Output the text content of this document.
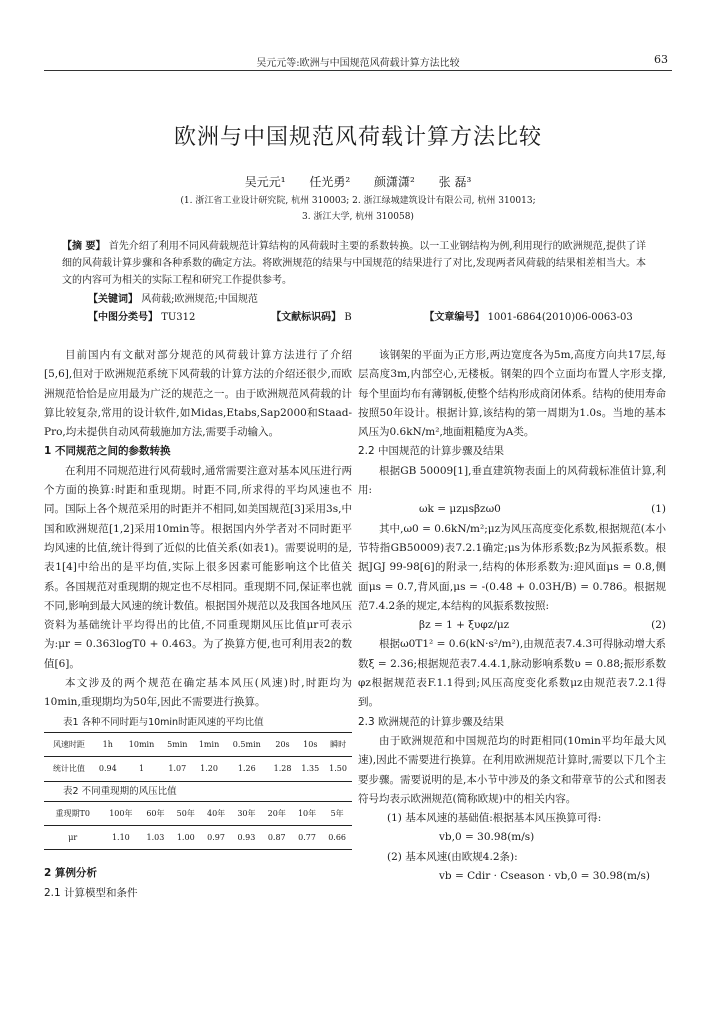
吴元元等:欧洲与中国规范风荷载计算方法比较	63
欧洲与中国规范风荷载计算方法比较
吴元元¹ 任光勇² 颜潇潇² 张 磊³
(1. 浙江省工业设计研究院, 杭州 310003; 2. 浙江绿城建筑设计有限公司, 杭州 310013;
3. 浙江大学, 杭州 310058)
【摘 要】 首先介绍了利用不同风荷载规范计算结构的风荷载时主要的系数转换。以一工业钢结构为例,利用现行的欧洲规范,提供了详细的风荷载计算步骤和各种系数的确定方法。将欧洲规范的结果与中国规范的结果进行了对比,发现两者风荷载的结果相差相当大。本文的内容可为相关的实际工程和研究工作提供参考。
【关键词】 风荷载;欧洲规范;中国规范
【中图分类号】 TU312	【文献标识码】 B	【文章编号】 1001-6864(2010)06-0063-03

目前国内有文献对部分规范的风荷载计算方法进行了介绍[5,6],但对于欧洲规范系统下风荷载的计算方法的介绍还很少,而欧洲规范恰恰是应用最为广泛的规范之一。由于欧洲规范风荷载的计算比较复杂,常用的设计软件,如Midas,Etabs,Sap2000和Staad-Pro,均未提供自动风荷载施加方法,需要手动输入。

1 不同规范之间的参数转换

在利用不同规范进行风荷载时,通常需要注意对基本风压进行两个方面的换算:时距和重现期。时距不同,所求得的平均风速也不同。国际上各个规范采用的时距并不相同,如美国规范[3]采用3s,中国和欧洲规范[1,2]采用10min等。根据国内外学者对不同时距平均风速的比值,统计得到了近似的比值关系(如表1)。需要说明的是,表1[4]中给出的是平均值,实际上很多因素可能影响这个比值关系。各国规范对重现期的规定也不尽相同。重现期不同,保证率也就不同,影响到最大风速的统计数值。根据国外规范以及我国各地风压资料为基础统计平均得出的比值,不同重现期风压比值μr可表示为:μr = 0.363logT0 + 0.463。为了换算方便,也可利用表2的数值[6]。

本文涉及的两个规范在确定基本风压(风速)时,时距均为10min,重现期均为50年,因此不需要进行换算。

表1 各种不同时距与10min时距风速的平均比值

风速时距	1h	10min	5min	1min	0.5min	20s	10s	瞬时
统计比值	0.94	1	1.07	1.20	1.26	1.28	1.35	1.50

表2 不同重现期的风压比值

重现期T0	100年	60年	50年	40年	30年	20年	10年	5年
μr	1.10	1.03	1.00	0.97	0.93	0.87	0.77	0.66

2 算例分析

2.1 计算模型和条件

该钢架的平面为正方形,两边宽度各为5m,高度方向共17层,每层高度3m,内部空心,无楼板。钢架的四个立面均布置人字形支撑,每个里面均布有薄钢板,使整个结构形成商闭体系。结构的使用寿命按照50年设计。根据计算,该结构的第一周期为1.0s。当地的基本风压为0.6kN/m²,地面粗糙度为A类。

2.2 中国规范的计算步骤及结果

根据GB 50009[1],垂直建筑物表面上的风荷载标准值计算,利用:

ωk = μzμsβzω0	(1)

其中,ω0 = 0.6kN/m²;μz为风压高度变化系数,根据规范(本小节特指GB50009)表7.2.1确定;μs为体形系数;βz为风振系数。根据JGJ 99-98[6]的附录一,结构的体形系数为:迎风面μs = 0.8,侧面μs = 0.7,背风面,μs = -(0.48 + 0.03H/B) = 0.786。根据规范7.4.2条的规定,本结构的风振系数按照:

βz = 1 + ξυφz/μz	(2)

根据ω0T1² = 0.6(kN·s²/m²),由规范表7.4.3可得脉动增大系数ξ = 2.36;根据规范表7.4.4.1,脉动影响系数υ = 0.88;振形系数φz根据规范表F.1.1得到;风压高度变化系数μz由规范表7.2.1得到。

2.3 欧洲规范的计算步骤及结果

由于欧洲规范和中国规范均的时距相同(10min平均年最大风速),因此不需要进行换算。在利用欧洲规范计算时,需要以下几个主要步骤。需要说明的是,本小节中涉及的条文和带章节的公式和图表符号均表示欧洲规范(简称欧规)中的相关内容。

(1) 基本风速的基础值:根据基本风压换算可得:

vb,0 = 30.98(m/s)

(2) 基本风速(由欧规4.2条):

vb = Cdir · Cseason · vb,0 = 30.98(m/s)
